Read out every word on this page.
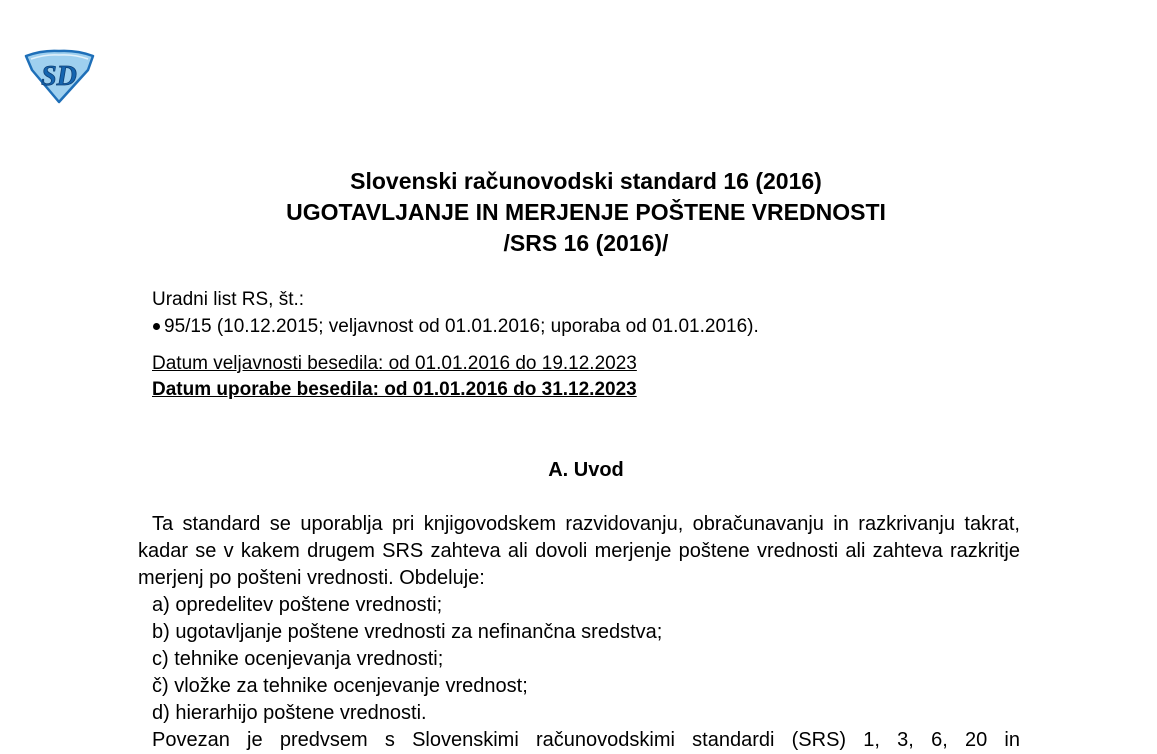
SD
Slovenski računovodski standard 16 (2016)
UGOTAVLJANJE IN MERJENJE POŠTENE VREDNOSTI
/SRS 16 (2016)/
Uradni list RS, št.:
95/15 (10.12.2015; veljavnost od 01.01.2016; uporaba od 01.01.2016).
Datum veljavnosti besedila: od 01.01.2016 do 19.12.2023
Datum uporabe besedila: od 01.01.2016 do 31.12.2023
A. Uvod

Ta standard se uporablja pri knjigovodskem razvidovanju, obračunavanju in razkrivanju takrat, kadar se v kakem drugem SRS zahteva ali dovoli merjenje poštene vrednosti ali zahteva razkritje merjenj po pošteni vrednosti. Obdeluje:

a) opredelitev poštene vrednosti;
b) ugotavljanje poštene vrednosti za nefinančna sredstva;
c) tehnike ocenjevanja vrednosti;
č) vložke za tehnike ocenjevanje vrednost;
d) hierarhijo poštene vrednosti.

Povezan je predvsem s Slovenskimi računovodskimi standardi (SRS) 1, 3, 6, 20 in
